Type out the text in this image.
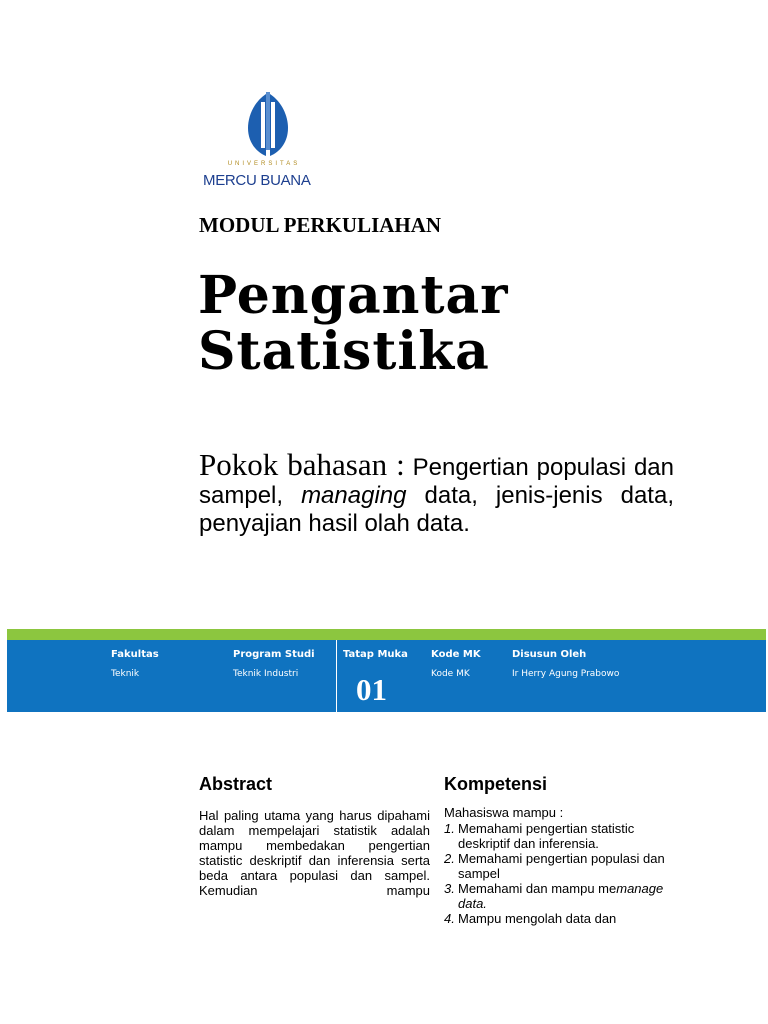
UNIVERSITAS
MERCU BUANA
MODUL PERKULIAHAN
Pengantar
Statistika
Pokok bahasan : Pengertian populasi dan sampel, managing data, jenis-jenis data, penyajian hasil olah data.
Fakultas
Teknik
Program Studi
Teknik Industri
Tatap Muka
01
Kode MK
Kode MK
Disusun Oleh
Ir Herry Agung Prabowo
Abstract
Hal paling utama yang harus dipahami dalam mempelajari statistik adalah mampu membedakan pengertian statistic deskriptif dan inferensia serta beda antara populasi dan sampel. Kemudian mampu
Kompetensi
Mahasiswa mampu :
1. Memahami pengertian statistic deskriptif dan inferensia.
2. Memahami pengertian populasi dan sampel
3. Memahami dan mampu memanage data.
4. Mampu mengolah data dan
